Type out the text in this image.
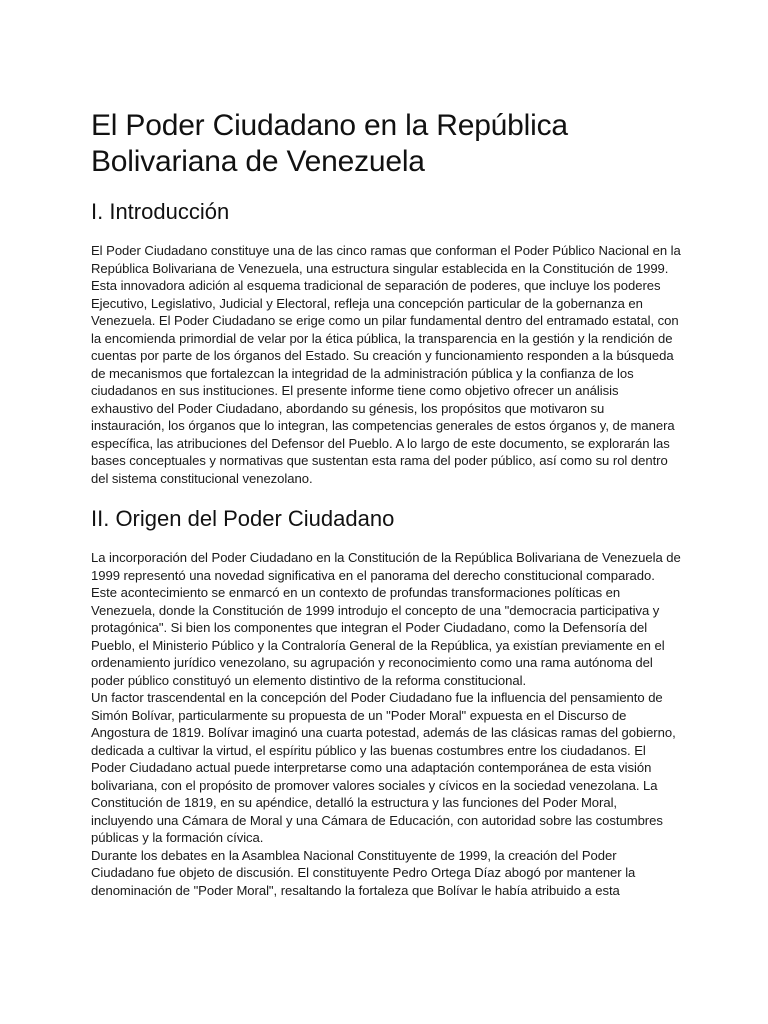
El Poder Ciudadano en la República Bolivariana de Venezuela
I. Introducción

El Poder Ciudadano constituye una de las cinco ramas que conforman el Poder Público Nacional en la República Bolivariana de Venezuela, una estructura singular establecida en la Constitución de 1999. Esta innovadora adición al esquema tradicional de separación de poderes, que incluye los poderes Ejecutivo, Legislativo, Judicial y Electoral, refleja una concepción particular de la gobernanza en Venezuela. El Poder Ciudadano se erige como un pilar fundamental dentro del entramado estatal, con la encomienda primordial de velar por la ética pública, la transparencia en la gestión y la rendición de cuentas por parte de los órganos del Estado. Su creación y funcionamiento responden a la búsqueda de mecanismos que fortalezcan la integridad de la administración pública y la confianza de los ciudadanos en sus instituciones. El presente informe tiene como objetivo ofrecer un análisis exhaustivo del Poder Ciudadano, abordando su génesis, los propósitos que motivaron su instauración, los órganos que lo integran, las competencias generales de estos órganos y, de manera específica, las atribuciones del Defensor del Pueblo. A lo largo de este documento, se explorarán las bases conceptuales y normativas que sustentan esta rama del poder público, así como su rol dentro del sistema constitucional venezolano.

II. Origen del Poder Ciudadano

La incorporación del Poder Ciudadano en la Constitución de la República Bolivariana de Venezuela de 1999 representó una novedad significativa en el panorama del derecho constitucional comparado. Este acontecimiento se enmarcó en un contexto de profundas transformaciones políticas en Venezuela, donde la Constitución de 1999 introdujo el concepto de una "democracia participativa y protagónica". Si bien los componentes que integran el Poder Ciudadano, como la Defensoría del Pueblo, el Ministerio Público y la Contraloría General de la República, ya existían previamente en el ordenamiento jurídico venezolano, su agrupación y reconocimiento como una rama autónoma del poder público constituyó un elemento distintivo de la reforma constitucional.

Un factor trascendental en la concepción del Poder Ciudadano fue la influencia del pensamiento de Simón Bolívar, particularmente su propuesta de un "Poder Moral" expuesta en el Discurso de Angostura de 1819. Bolívar imaginó una cuarta potestad, además de las clásicas ramas del gobierno, dedicada a cultivar la virtud, el espíritu público y las buenas costumbres entre los ciudadanos. El Poder Ciudadano actual puede interpretarse como una adaptación contemporánea de esta visión bolivariana, con el propósito de promover valores sociales y cívicos en la sociedad venezolana. La Constitución de 1819, en su apéndice, detalló la estructura y las funciones del Poder Moral, incluyendo una Cámara de Moral y una Cámara de Educación, con autoridad sobre las costumbres públicas y la formación cívica.

Durante los debates en la Asamblea Nacional Constituyente de 1999, la creación del Poder Ciudadano fue objeto de discusión. El constituyente Pedro Ortega Díaz abogó por mantener la denominación de "Poder Moral", resaltando la fortaleza que Bolívar le había atribuido a esta
